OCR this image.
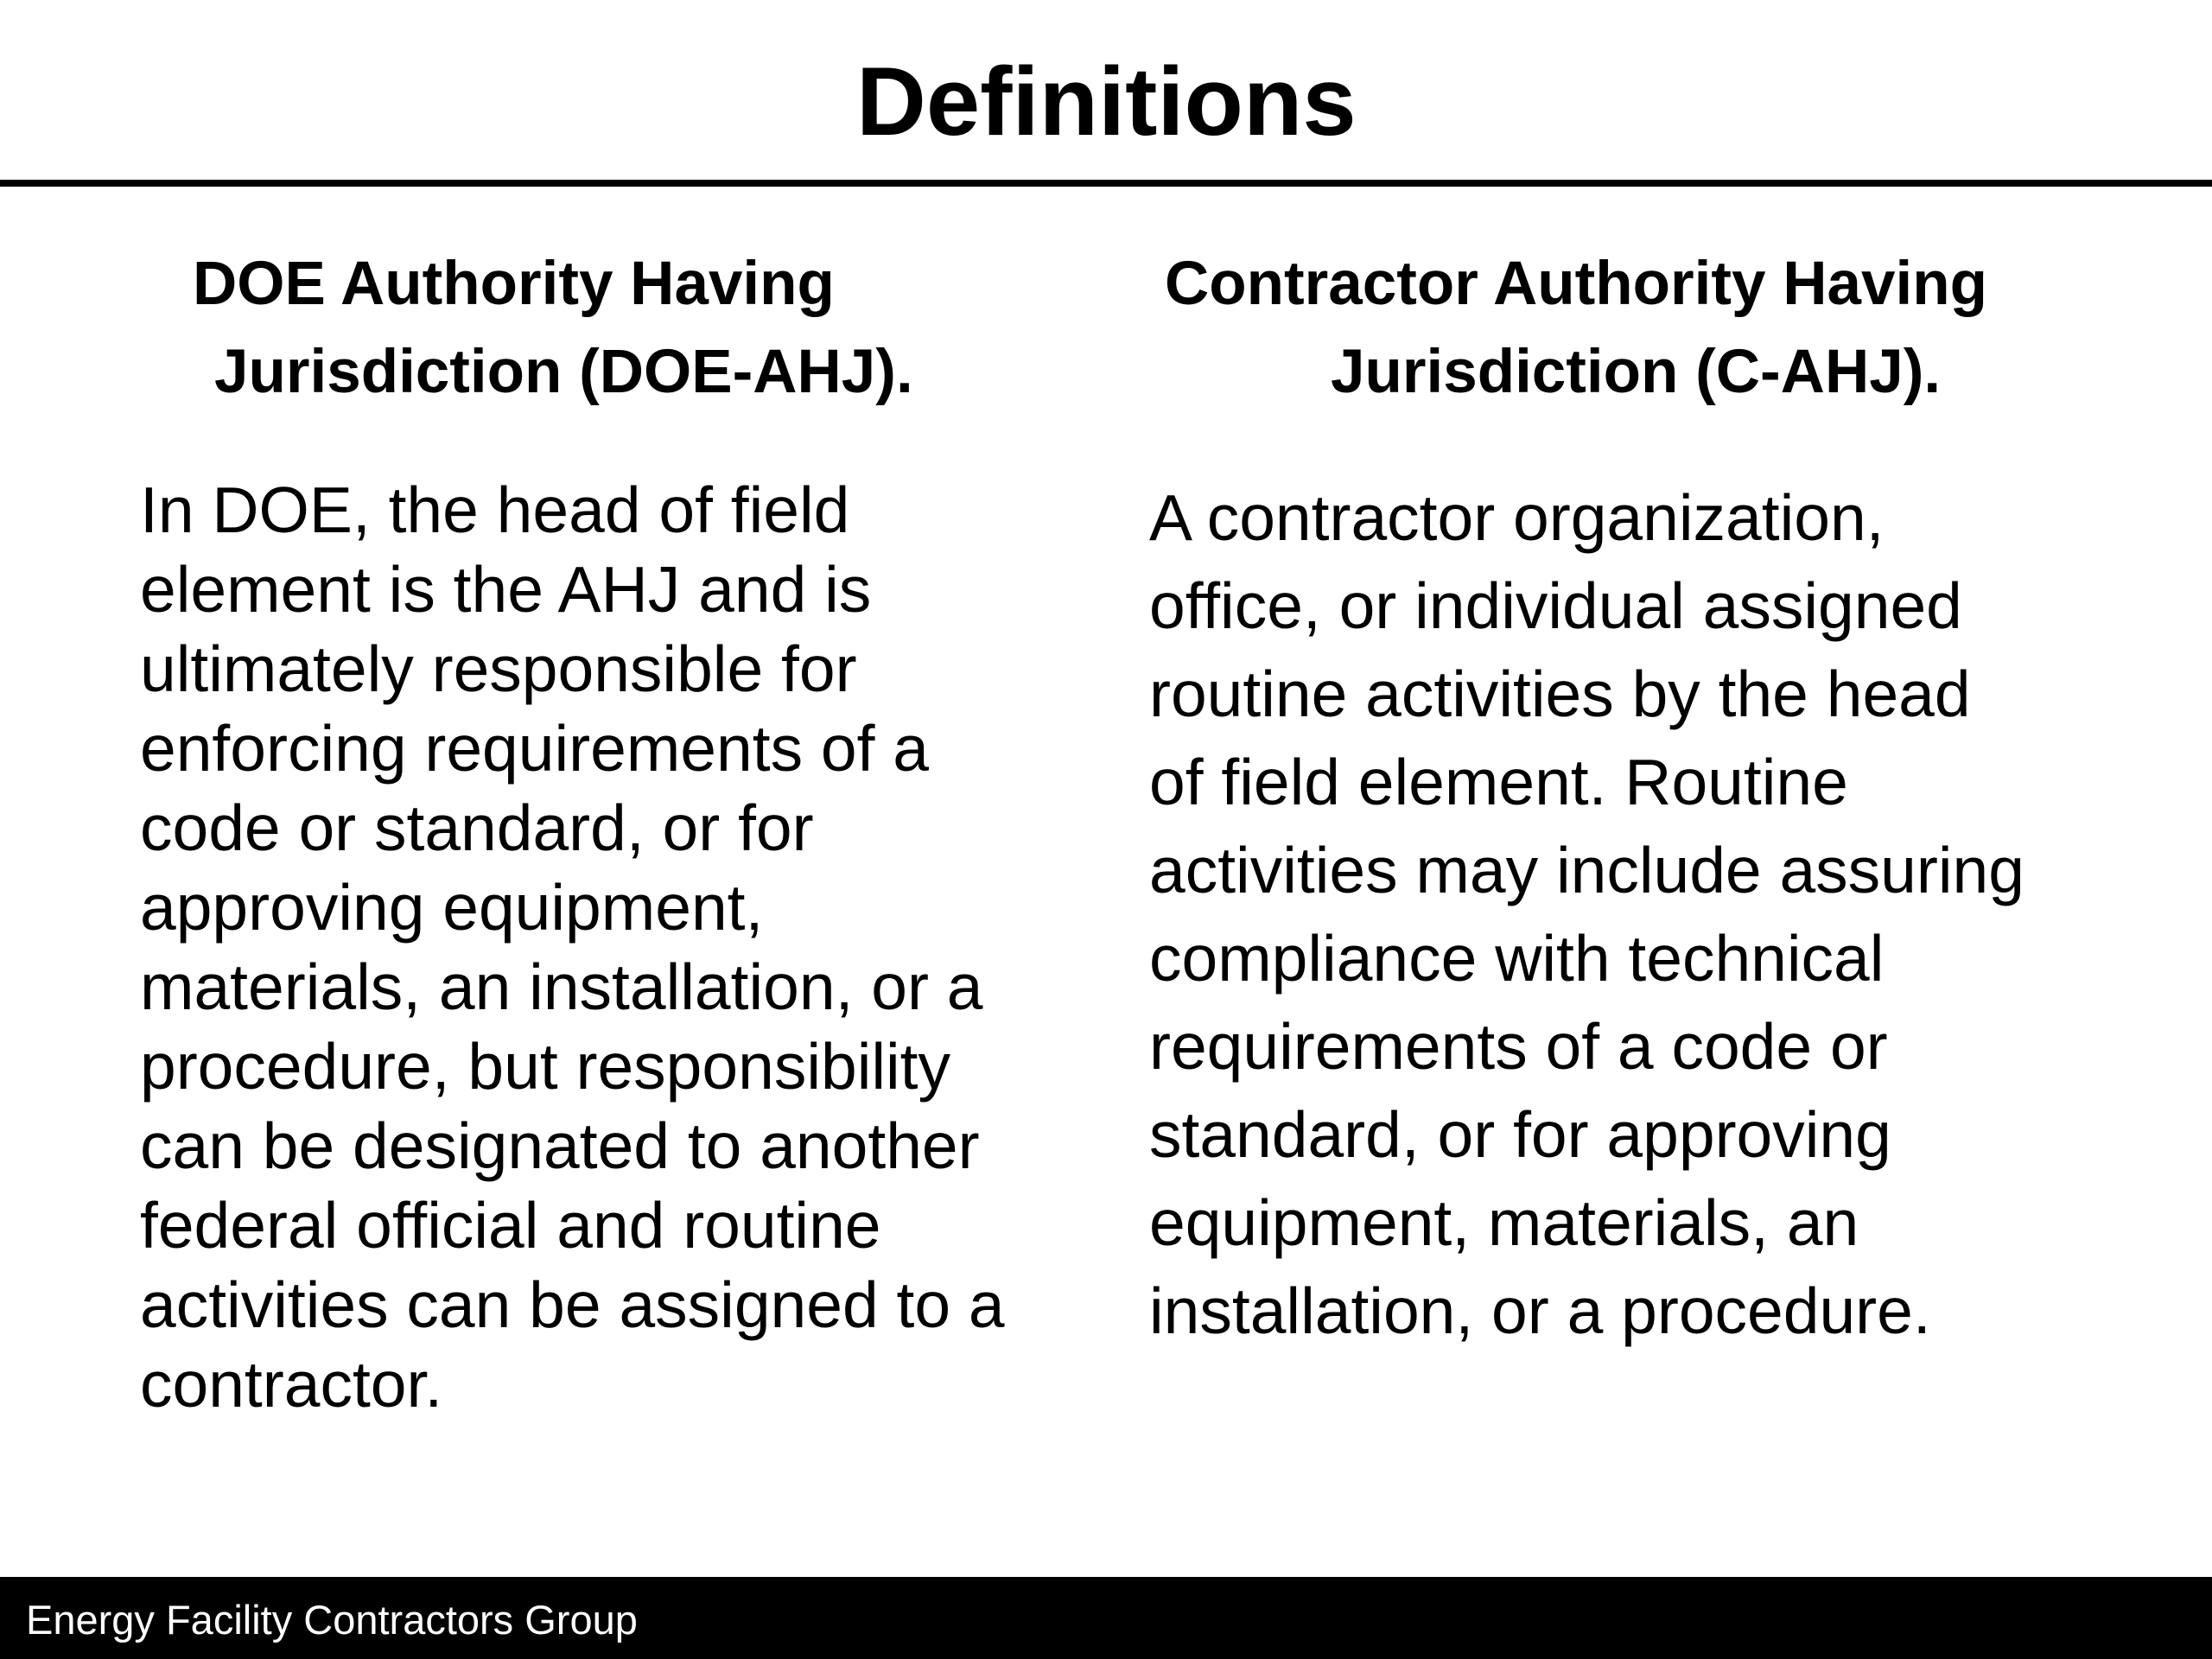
Definitions
DOE Authority Having
Jurisdiction (DOE-AHJ).
In DOE, the head of field
element is the AHJ and is
ultimately responsible for
enforcing requirements of a
code or standard, or for
approving equipment,
materials, an installation, or a
procedure, but responsibility
can be designated to another
federal official and routine
activities can be assigned to a
contractor.
Contractor Authority Having
Jurisdiction (C-AHJ).
A contractor organization,
office, or individual assigned
routine activities by the head
of field element. Routine
activities may include assuring
compliance with technical
requirements of a code or
standard, or for approving
equipment, materials, an
installation, or a procedure.
Energy Facility Contractors Group
